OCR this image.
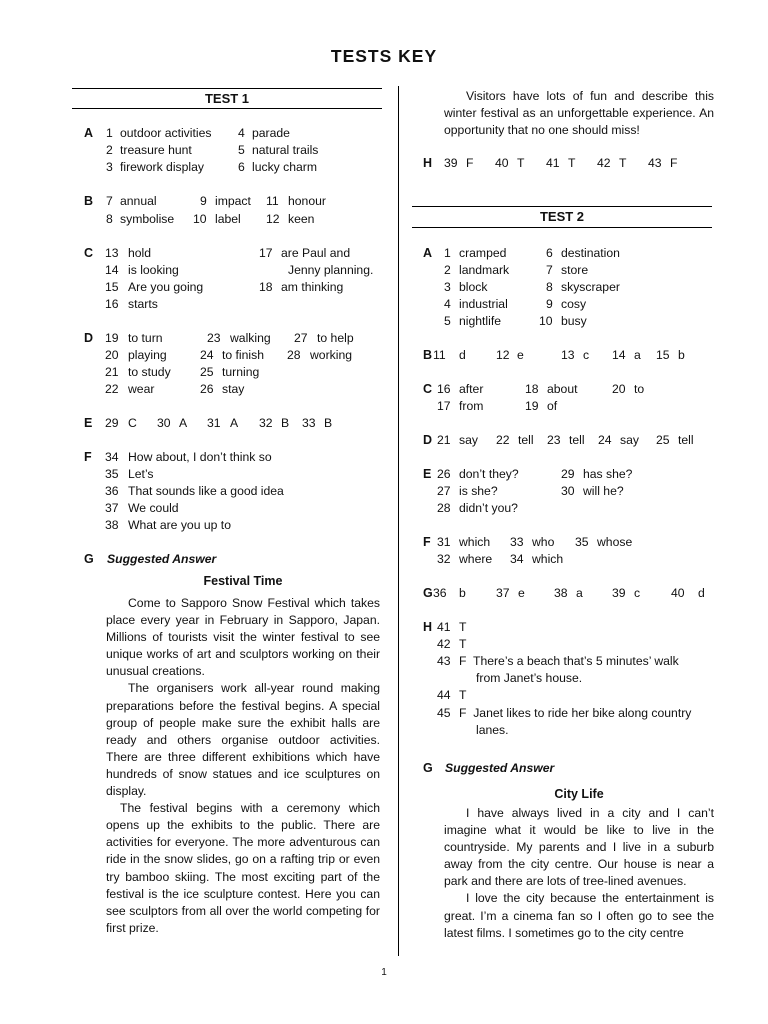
TESTS KEY
TEST 1
A 1 outdoor activities 4 parade
2 treasure hunt	5 natural trails
3 firework display	6 lucky charm
B 7 annual	9 impact 11 honour
8 symbolise 10 label 12 keen
C 13 hold	17 are Paul and
14 is looking	Jenny planning.
15 Are you going	18 am thinking
16 starts
D 19 to turn	23 walking 27 to help
20 playing	24 to finish 28 working
21 to study 25 turning
22 wear	26 stay
E 29 C 30 A 31 A 32 B 33 B
F 34 How about, I don’t think so
35 Let’s
36 That sounds like a good idea
37 We could
38 What are you up to
G Suggested Answer
Festival Time

Come to Sapporo Snow Festival which takes place every year in February in Sapporo, Japan. Millions of tourists visit the winter festival to see unique works of art and sculptors working on their unusual creations.

The organisers work all-year round making preparations before the festival begins. A special group of people make sure the exhibit halls are ready and others organise outdoor activities. There are three different exhibitions which have hundreds of snow statues and ice sculptures on display.

The festival begins with a ceremony which opens up the exhibits to the public. There are activities for everyone. The more adventurous can ride in the snow slides, go on a rafting trip or even try bamboo skiing. The most exciting part of the festival is the ice sculpture contest. Here you can see sculptors from all over the world competing for first prize.

Visitors have lots of fun and describe this winter festival as an unforgettable experience. An opportunity that no one should miss!

H 39 F 40 T 41 T 42 T 43 F
TEST 2
A 1 cramped	6 destination
2 landmark	7 store
3 block	8 skyscraper
4 industrial	9 cosy
5 nightlife	10 busy
B 11 d 12 e	13 c 14 a 15 b
C 16 after	18 about	20 to
17 from	19 of
D 21 say 22 tell 23 tell 24 say 25 tell
E 26 don’t they?	29 has she?
27 is she?	30 will he?
28 didn’t you?
F 31 which 33 who 35 whose
32 where 34 which
G 36 b 37 e 38 a 39 c	40 d
H 41 T
42 T
43 F  There’s a beach that’s 5 minutes’ walk
from Janet’s house.
44 T
45 F  Janet likes to ride her bike along country
lanes.
G Suggested Answer
City Life

I have always lived in a city and I can’t imagine what it would be like to live in the countryside. My parents and I live in a suburb away from the city centre. Our house is near a park and there are lots of tree-lined avenues.

I love the city because the entertainment is great. I’m a cinema fan so I often go to see the latest films. I sometimes go to the city centre

1
